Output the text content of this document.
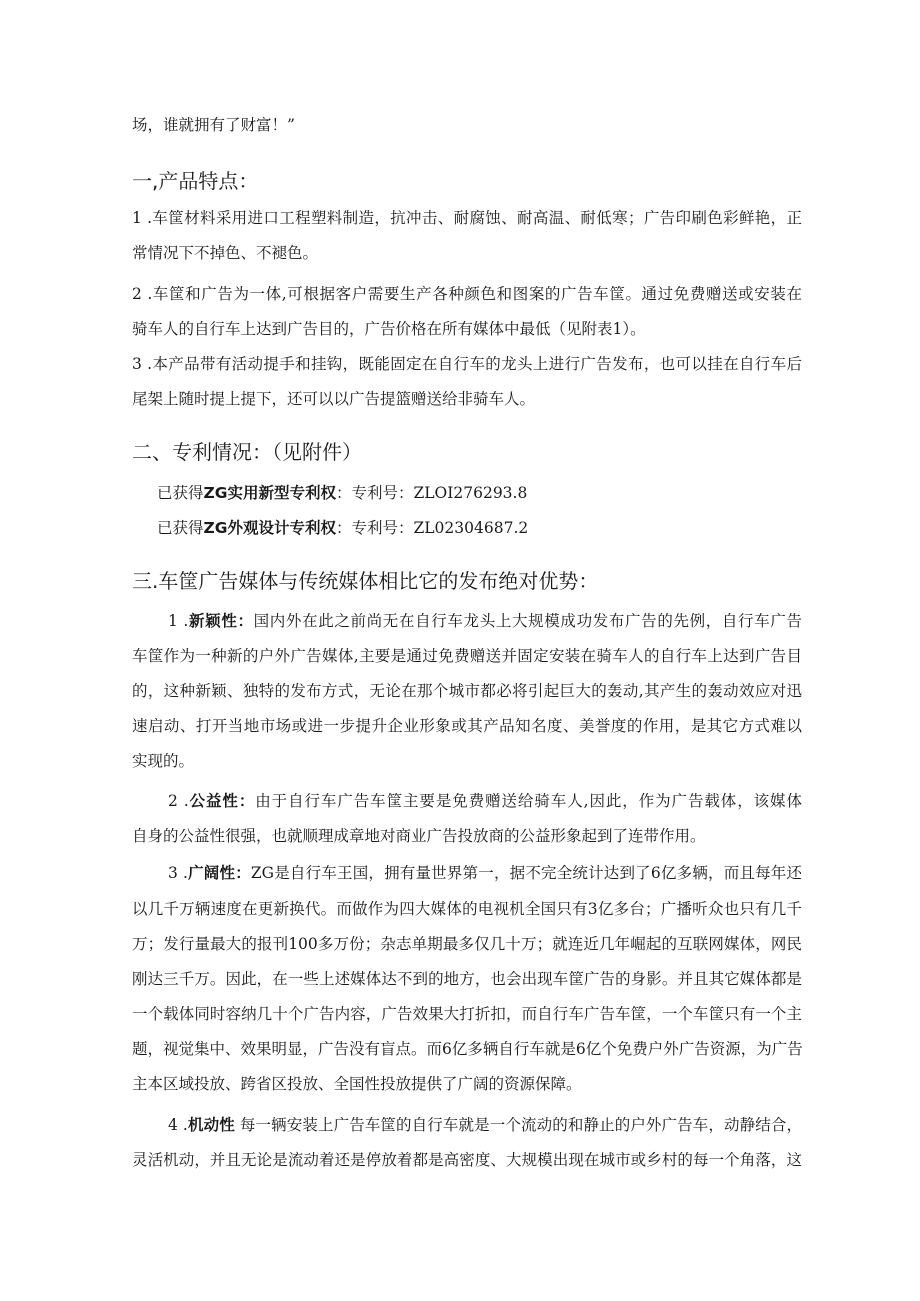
场，谁就拥有了财富！”
一,产品特点：
1 .车筐材料采用进口工程塑料制造，抗冲击、耐腐蚀、耐高温、耐低寒；广告印刷色彩鲜艳，正
常情况下不掉色、不褪色。
2 .车筐和广告为一体,可根据客户需要生产各种颜色和图案的广告车筐。通过免费赠送或安装在
骑车人的自行车上达到广告目的，广告价格在所有媒体中最低（见附表1）。
3 .本产品带有活动提手和挂钩，既能固定在自行车的龙头上进行广告发布，也可以挂在自行车后
尾架上随时提上提下，还可以以广告提篮赠送给非骑车人。
二、专利情况：（见附件）
已获得ZG实用新型专利权：专利号：ZLOI276293.8
已获得ZG外观设计专利权：专利号：ZL02304687.2
三.车筐广告媒体与传统媒体相比它的发布绝对优势：
1 .新颖性：国内外在此之前尚无在自行车龙头上大规模成功发布广告的先例，自行车广告
车筐作为一种新的户外广告媒体,主要是通过免费赠送并固定安装在骑车人的自行车上达到广告目
的，这种新颖、独特的发布方式，无论在那个城市都必将引起巨大的轰动,其产生的轰动效应对迅
速启动、打开当地市场或进一步提升企业形象或其产品知名度、美誉度的作用，是其它方式难以
实现的。
2 .公益性：由于自行车广告车筐主要是免费赠送给骑车人,因此，作为广告载体，该媒体
自身的公益性很强，也就顺理成章地对商业广告投放商的公益形象起到了连带作用。
3 .广阔性：ZG是自行车王国，拥有量世界第一，据不完全统计达到了6亿多辆，而且每年还
以几千万辆速度在更新换代。而做作为四大媒体的电视机全国只有3亿多台；广播听众也只有几千
万；发行量最大的报刊100多万份；杂志单期最多仅几十万；就连近几年崛起的互联网媒体，网民
刚达三千万。因此，在一些上述媒体达不到的地方，也会出现车筐广告的身影。并且其它媒体都是
一个载体同时容纳几十个广告内容，广告效果大打折扣，而自行车广告车筐，一个车筐只有一个主
题，视觉集中、效果明显，广告没有盲点。而6亿多辆自行车就是6亿个免费户外广告资源，为广告
主本区域投放、跨省区投放、全国性投放提供了广阔的资源保障。
4 .机动性 每一辆安装上广告车筐的自行车就是一个流动的和静止的户外广告车，动静结合，
灵活机动，并且无论是流动着还是停放着都是高密度、大规模出现在城市或乡村的每一个角落，这
